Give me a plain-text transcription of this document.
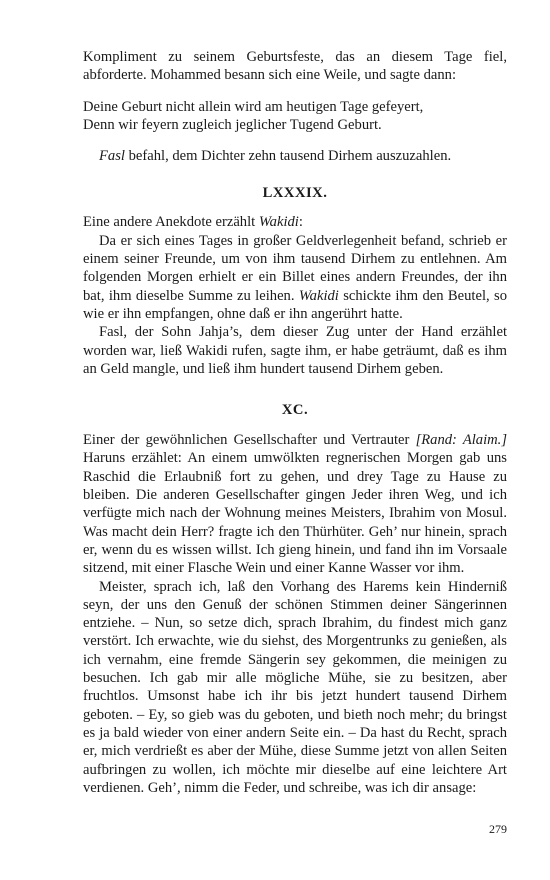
Kompliment zu seinem Geburtsfeste, das an diesem Tage fiel, abforderte. Mohammed besann sich eine Weile, und sagte dann:

Deine Geburt nicht allein wird am heutigen Tage gefeyert,
Denn wir feyern zugleich jeglicher Tugend Geburt.

Fasl befahl, dem Dichter zehn tausend Dirhem auszuzahlen.

LXXXIX.

Eine andere Anekdote erzählt Wakidi:

Da er sich eines Tages in großer Geldverlegenheit befand, schrieb er einem seiner Freunde, um von ihm tausend Dirhem zu entlehnen. Am folgenden Morgen erhielt er ein Billet eines andern Freundes, der ihn bat, ihm dieselbe Summe zu leihen. Wakidi schickte ihm den Beutel, so wie er ihn empfangen, ohne daß er ihn angerührt hatte.

Fasl, der Sohn Jahja’s, dem dieser Zug unter der Hand erzählet worden war, ließ Wakidi rufen, sagte ihm, er habe geträumt, daß es ihm an Geld mangle, und ließ ihm hundert tausend Dirhem geben.

XC.

Einer der gewöhnlichen Gesellschafter und Vertrauter [Rand: Alaim.] Haruns erzählet: An einem umwölkten regnerischen Morgen gab uns Raschid die Erlaubniß fort zu gehen, und drey Tage zu Hause zu bleiben. Die anderen Gesellschafter gingen Jeder ihren Weg, und ich verfügte mich nach der Wohnung meines Meisters, Ibrahim von Mosul. Was macht dein Herr? fragte ich den Thürhüter. Geh’ nur hinein, sprach er, wenn du es wissen willst. Ich gieng hinein, und fand ihn im Vorsaale sitzend, mit einer Flasche Wein und einer Kanne Wasser vor ihm.

Meister, sprach ich, laß den Vorhang des Harems kein Hinderniß seyn, der uns den Genuß der schönen Stimmen deiner Sängerinnen entziehe. – Nun, so setze dich, sprach Ibrahim, du findest mich ganz verstört. Ich erwachte, wie du siehst, des Morgentrunks zu genießen, als ich vernahm, eine fremde Sängerin sey gekommen, die meinigen zu besuchen. Ich gab mir alle mögliche Mühe, sie zu besitzen, aber fruchtlos. Umsonst habe ich ihr bis jetzt hundert tausend Dirhem geboten. – Ey, so gieb was du geboten, und bieth noch mehr; du bringst es ja bald wieder von einer andern Seite ein. – Da hast du Recht, sprach er, mich verdrießt es aber der Mühe, diese Summe jetzt von allen Seiten aufbringen zu wollen, ich möchte mir dieselbe auf eine leichtere Art verdienen. Geh’, nimm die Feder, und schreibe, was ich dir ansage:

279
